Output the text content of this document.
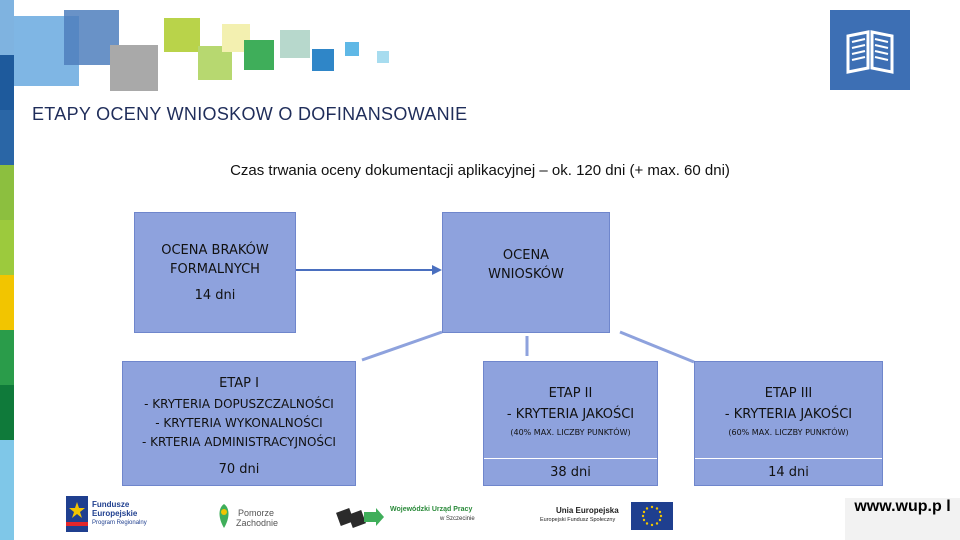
ETAPY OCENY WNIOSKOW O DOFINANSOWANIE
Czas trwania oceny dokumentacji aplikacyjnej – ok. 120 dni (+ max. 60 dni)
OCENA BRAKÓW
FORMALNYCH
14 dni
OCENA
WNIOSKÓW
ETAP I
- KRYTERIA DOPUSZCZALNOŚCI
- KRYTERIA WYKONALNOŚCI
- KRTERIA ADMINISTRACYJNOŚCI
70 dni
ETAP II
- KRYTERIA JAKOŚCI
(40% MAX. LICZBY PUNKTÓW)
38 dni
ETAP III
- KRYTERIA JAKOŚCI
(60% MAX. LICZBY PUNKTÓW)
14 dni
Fundusze
Europejskie
Program Regionalny
Pomorze
Zachodnie
Wojewódzki Urząd Pracy
w Szczecinie
Unia Europejska
Europejski Fundusz Społeczny
www.wup.p l
